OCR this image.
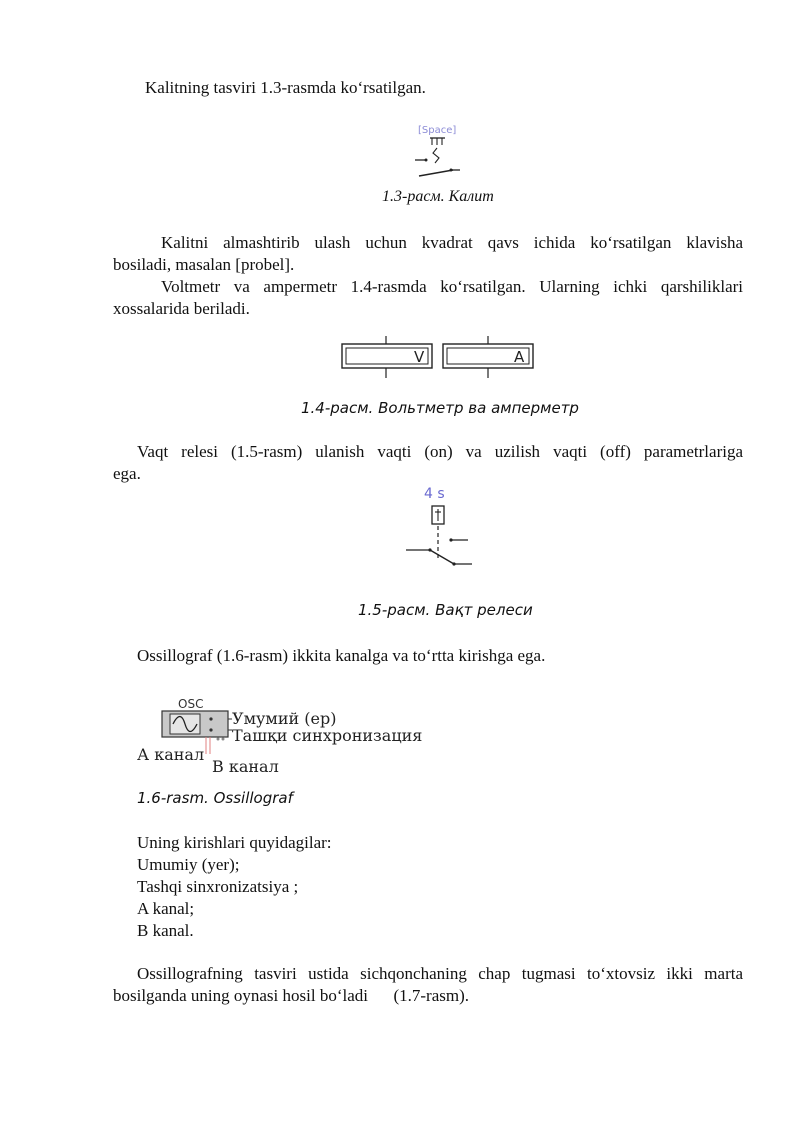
Kalitning tasviri 1.3-rasmda ko‘rsatilgan.
[Space]
1.3-расм. Калит
Kalitni almashtirib ulash uchun kvadrat qavs ichida ko‘rsatilgan klavisha
bosiladi, masalan [probel].
Voltmetr va ampermetr 1.4-rasmda ko‘rsatilgan. Ularning ichki qarshiliklari
xossalarida beriladi.
V	A
1.4-расм. Вольтметр ва амперметр
Vaqt relesi (1.5-rasm) ulanish vaqti (on) va uzilish vaqti (off) parametrlariga
ega.
4 s
1.5-расм. Вақт релеси
Ossillograf (1.6-rasm) ikkita kanalga va to‘rtta kirishga ega.
OSC
Умумий (ер)
Ташқи синхронизация
А канал
В канал
1.6-rasm. Ossillograf
Uning kirishlari quyidagilar:
Umumiy (yer);
Tashqi sinxronizatsiya ;
A kanal;
B kanal.
Ossillografning tasviri ustida sichqonchaning chap tugmasi to‘xtovsiz ikki marta
bosilganda uning oynasi hosil bo‘ladi      (1.7-rasm).
